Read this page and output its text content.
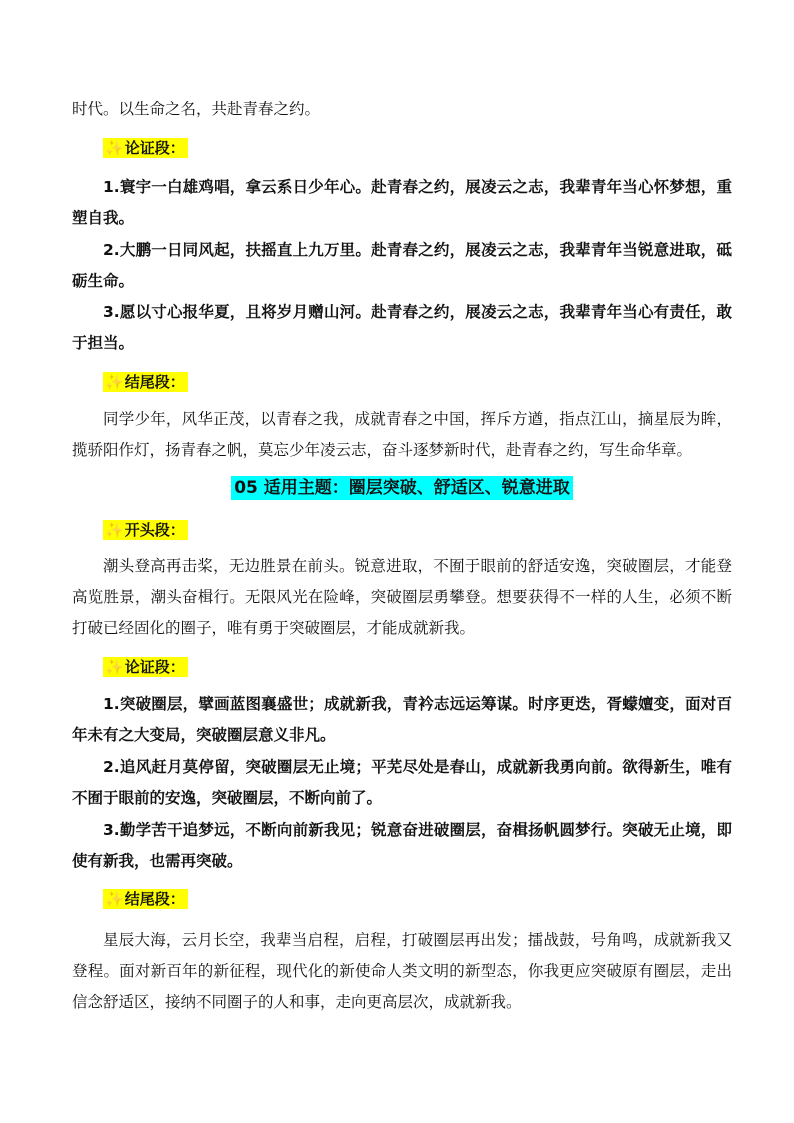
时代。以生命之名，共赴青春之约。

✨论证段：

1.寰宇一白雄鸡唱，拿云系日少年心。赴青春之约，展凌云之志，我辈青年当心怀梦想，重塑自我。

2.大鹏一日同风起，扶摇直上九万里。赴青春之约，展凌云之志，我辈青年当锐意进取，砥砺生命。

3.愿以寸心报华夏，且将岁月赠山河。赴青春之约，展凌云之志，我辈青年当心有责任，敢于担当。

✨结尾段：

同学少年，风华正茂，以青春之我，成就青春之中国，挥斥方遒，指点江山，摘星辰为眸，揽骄阳作灯，扬青春之帆，莫忘少年凌云志，奋斗逐梦新时代，赴青春之约，写生命华章。

05 适用主题：圈层突破、舒适区、锐意进取
✨开头段：

潮头登高再击桨，无边胜景在前头。锐意进取，不囿于眼前的舒适安逸，突破圈层，才能登高览胜景，潮头奋楫行。无限风光在险峰，突破圈层勇攀登。想要获得不一样的人生，必须不断打破已经固化的圈子，唯有勇于突破圈层，才能成就新我。

✨论证段：

1.突破圈层，擘画蓝图襄盛世；成就新我，青衿志远运筹谋。时序更迭，胥蠓嬗变，面对百年未有之大变局，突破圈层意义非凡。

2.追风赶月莫停留，突破圈层无止境；平芜尽处是春山，成就新我勇向前。欲得新生，唯有不囿于眼前的安逸，突破圈层，不断向前了。

3.勤学苦干追梦远，不断向前新我见；锐意奋进破圈层，奋楫扬帆圆梦行。突破无止境，即使有新我，也需再突破。

✨结尾段：

星辰大海，云月长空，我辈当启程，启程，打破圈层再出发；擂战鼓，号角鸣，成就新我又登程。面对新百年的新征程，现代化的新使命人类文明的新型态，你我更应突破原有圈层，走出信念舒适区，接纳不同圈子的人和事，走向更高层次，成就新我。
